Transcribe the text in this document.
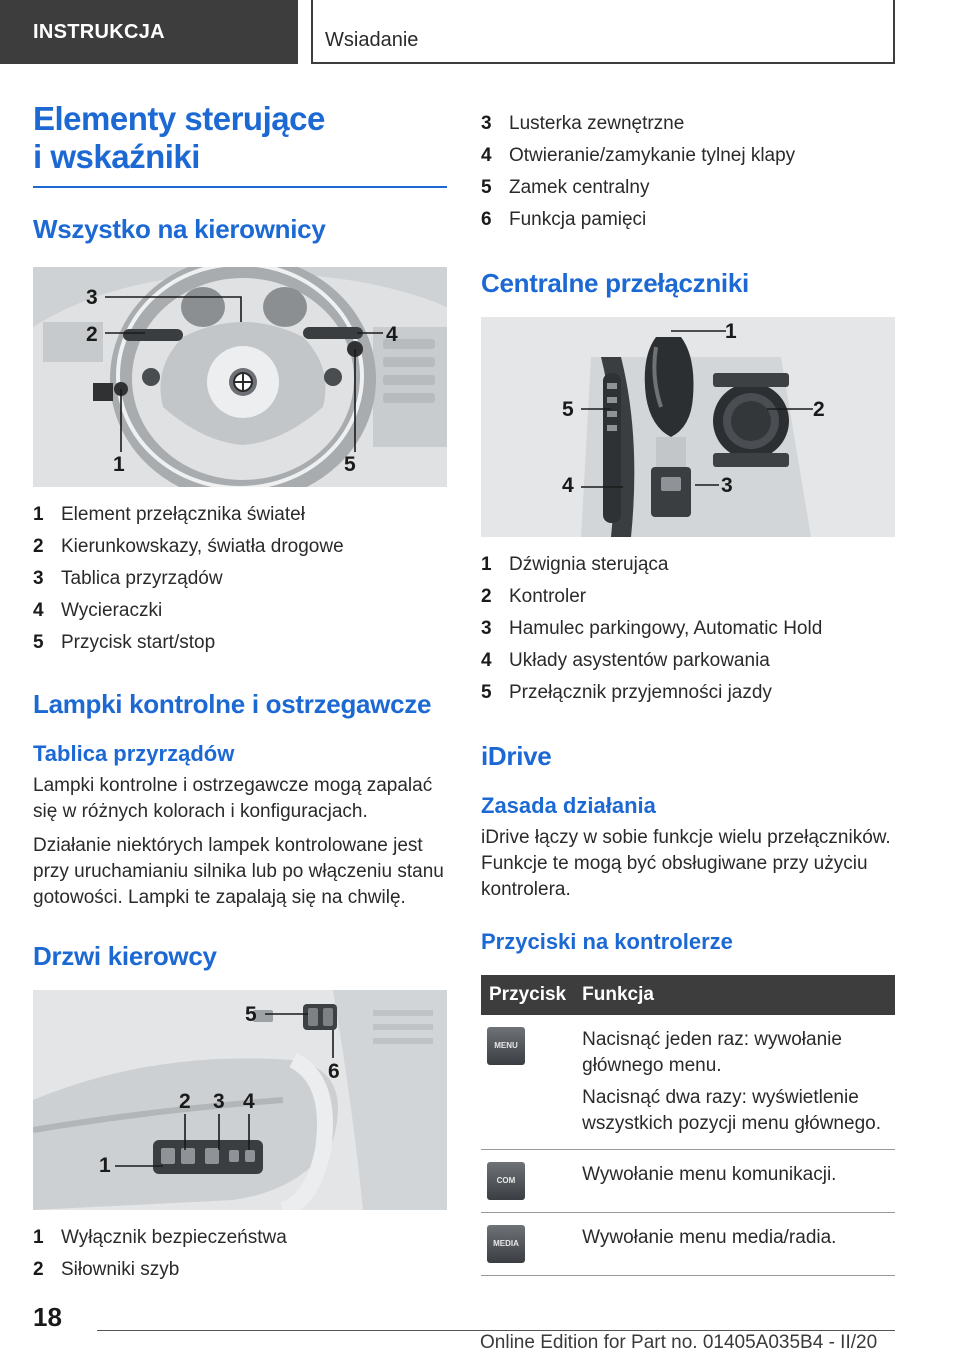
INSTRUKCJA	Wsiadanie
Elementy sterujące
i wskaźniki
Wszystko na kierownicy
3
2	4
1	5
1 Element przełącznika świateł
2 Kierunkowskazy, światła drogowe
3 Tablica przyrządów
4 Wycieraczki
5 Przycisk start/stop
Lampki kontrolne i ostrzegawcze
Tablica przyrządów

Lampki kontrolne i ostrzegawcze mogą zapalać się w różnych kolorach i konfiguracjach.

Działanie niektórych lampek kontrolowane jest przy uruchamianiu silnika lub po włączeniu stanu gotowości. Lampki te zapalają się na chwilę.

Drzwi kierowcy
5
6
2 3 4
1
1 Wyłącznik bezpieczeństwa
2 Siłowniki szyb
3 Lusterka zewnętrzne
4 Otwieranie/zamykanie tylnej klapy
5 Zamek centralny
6 Funkcja pamięci
Centralne przełączniki
1
2
3
4
5
1 Dźwignia sterująca
2 Kontroler
3 Hamulec parkingowy, Automatic Hold
4 Układy asystentów parkowania
5 Przełącznik przyjemności jazdy
iDrive
Zasada działania

iDrive łączy w sobie funkcje wielu przełączników. Funkcje te mogą być obsługiwane przy użyciu kontrolera.

Przyciski na kontrolerze
Przycisk	Funkcja

MENU	Nacisnąć jeden raz: wywołanie głównego menu.
Nacisnąć dwa razy: wyświetlenie wszystkich pozycji menu głównego.

COM	Wywołanie menu komunikacji.

MEDIA	Wywołanie menu media/radia.
18
Online Edition for Part no. 01405A035B4 - II/20
